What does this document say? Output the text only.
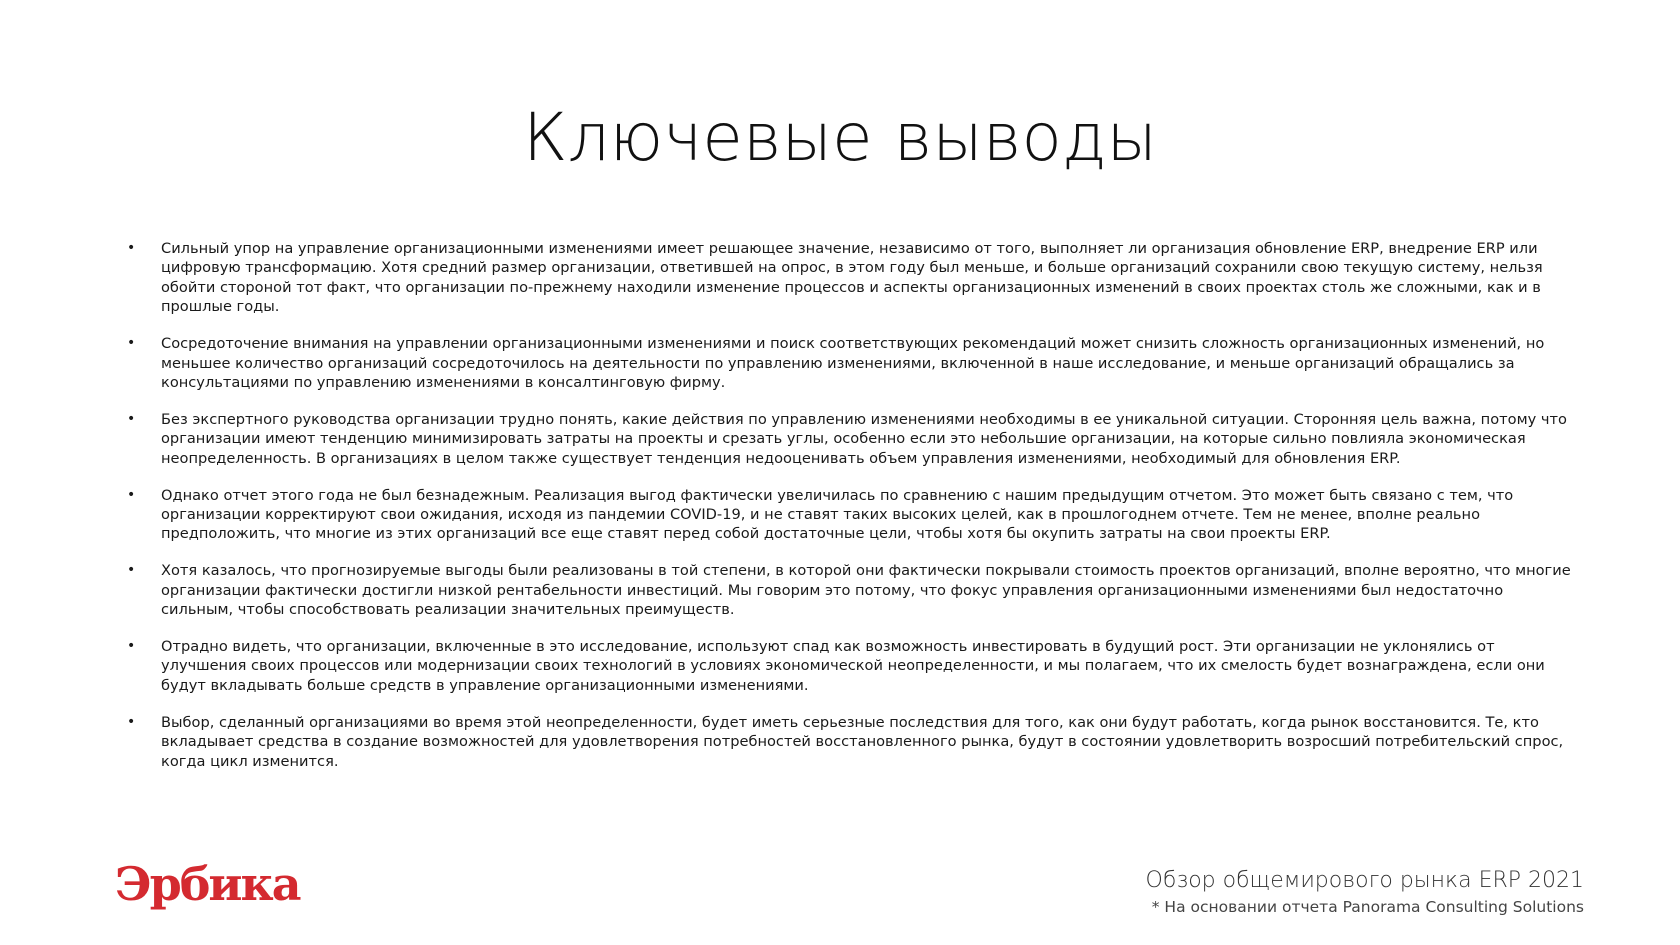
Ключевые выводы
•	Сильный упор на управление организационными изменениями имеет решающее значение, независимо от того, выполняет ли организация обновление ERP, внедрение ERP или цифровую трансформацию. Хотя средний размер организации, ответившей на опрос, в этом году был меньше, и больше организаций сохранили свою текущую систему, нельзя обойти стороной тот факт, что организации по-прежнему находили изменение процессов и аспекты организационных изменений в своих проектах столь же сложными, как и в прошлые годы.
•	Сосредоточение внимания на управлении организационными изменениями и поиск соответствующих рекомендаций может снизить сложность организационных изменений, но меньшее количество организаций сосредоточилось на деятельности по управлению изменениями, включенной в наше исследование, и меньше организаций обращались за консультациями по управлению изменениями в консалтинговую фирму.
•	Без экспертного руководства организации трудно понять, какие действия по управлению изменениями необходимы в ее уникальной ситуации. Сторонняя цель важна, потому что организации имеют тенденцию минимизировать затраты на проекты и срезать углы, особенно если это небольшие организации, на которые сильно повлияла экономическая неопределенность. В организациях в целом также существует тенденция недооценивать объем управления изменениями, необходимый для обновления ERP.
•	Однако отчет этого года не был безнадежным. Реализация выгод фактически увеличилась по сравнению с нашим предыдущим отчетом. Это может быть связано с тем, что организации корректируют свои ожидания, исходя из пандемии COVID-19, и не ставят таких высоких целей, как в прошлогоднем отчете. Тем не менее, вполне реально предположить, что многие из этих организаций все еще ставят перед собой достаточные цели, чтобы хотя бы окупить затраты на свои проекты ERP.
•	Хотя казалось, что прогнозируемые выгоды были реализованы в той степени, в которой они фактически покрывали стоимость проектов организаций, вполне вероятно, что многие организации фактически достигли низкой рентабельности инвестиций. Мы говорим это потому, что фокус управления организационными изменениями был недостаточно сильным, чтобы способствовать реализации значительных преимуществ.
•	Отрадно видеть, что организации, включенные в это исследование, используют спад как возможность инвестировать в будущий рост. Эти организации не уклонялись от улучшения своих процессов или модернизации своих технологий в условиях экономической неопределенности, и мы полагаем, что их смелость будет вознаграждена, если они будут вкладывать больше средств в управление организационными изменениями.
•	Выбор, сделанный организациями во время этой неопределенности, будет иметь серьезные последствия для того, как они будут работать, когда рынок восстановится. Те, кто вкладывает средства в создание возможностей для удовлетворения потребностей восстановленного рынка, будут в состоянии удовлетворить возросший потребительский спрос, когда цикл изменится.
Эрбика	Обзор общемирового рынка ERP 2021
* На основании отчета Panorama Consulting Solutions
